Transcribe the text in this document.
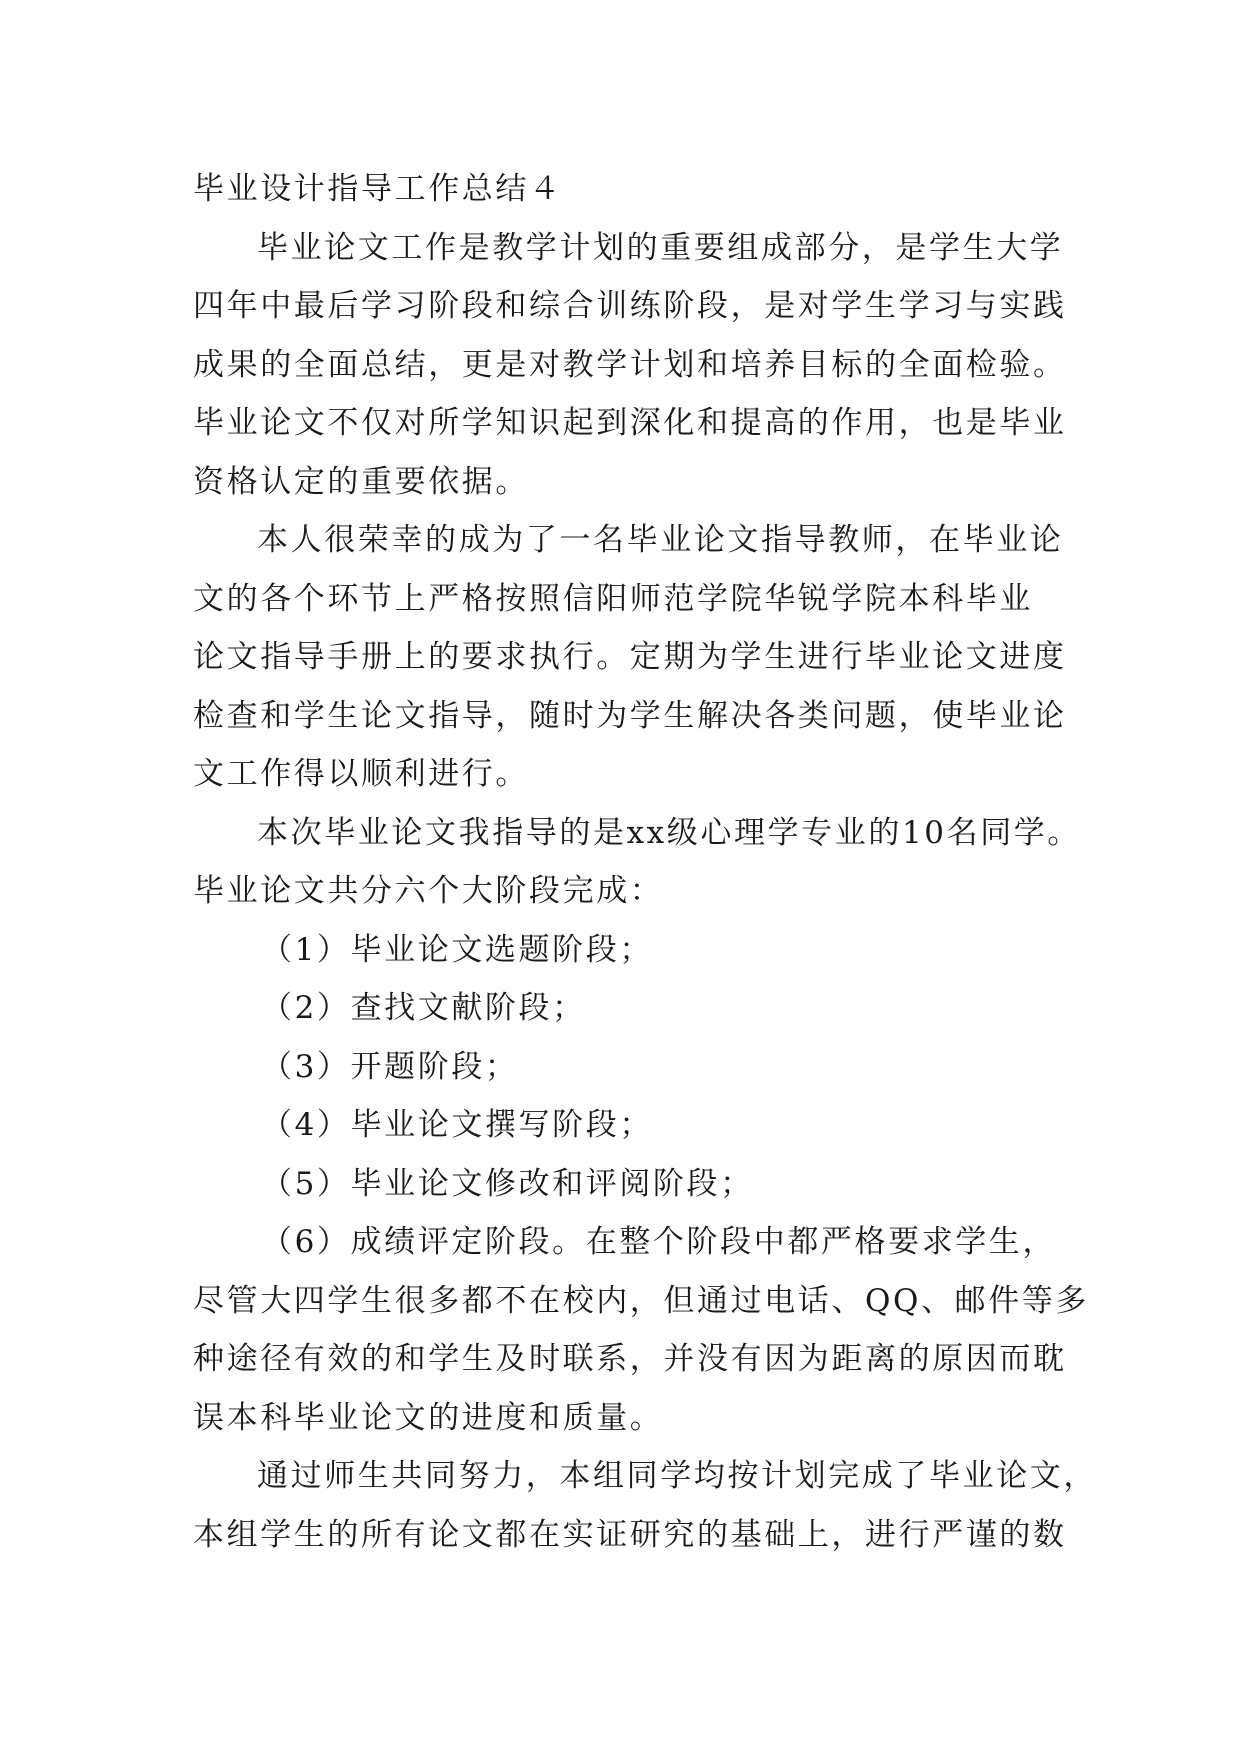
毕业设计指导工作总结４
毕业论文工作是教学计划的重要组成部分，是学生大学
四年中最后学习阶段和综合训练阶段，是对学生学习与实践
成果的全面总结，更是对教学计划和培养目标的全面检验。
毕业论文不仅对所学知识起到深化和提高的作用，也是毕业
资格认定的重要依据。
本人很荣幸的成为了一名毕业论文指导教师，在毕业论
文的各个环节上严格按照信阳师范学院华锐学院本科毕业
论文指导手册上的要求执行。定期为学生进行毕业论文进度
检查和学生论文指导，随时为学生解决各类问题，使毕业论
文工作得以顺利进行。
本次毕业论文我指导的是xx级心理学专业的10名同学。
毕业论文共分六个大阶段完成：
（1）毕业论文选题阶段；
（2）查找文献阶段；
（3）开题阶段；
（4）毕业论文撰写阶段；
（5）毕业论文修改和评阅阶段；
（6）成绩评定阶段。在整个阶段中都严格要求学生，
尽管大四学生很多都不在校内，但通过电话、QQ、邮件等多
种途径有效的和学生及时联系，并没有因为距离的原因而耽
误本科毕业论文的进度和质量。
通过师生共同努力，本组同学均按计划完成了毕业论文，
本组学生的所有论文都在实证研究的基础上，进行严谨的数
